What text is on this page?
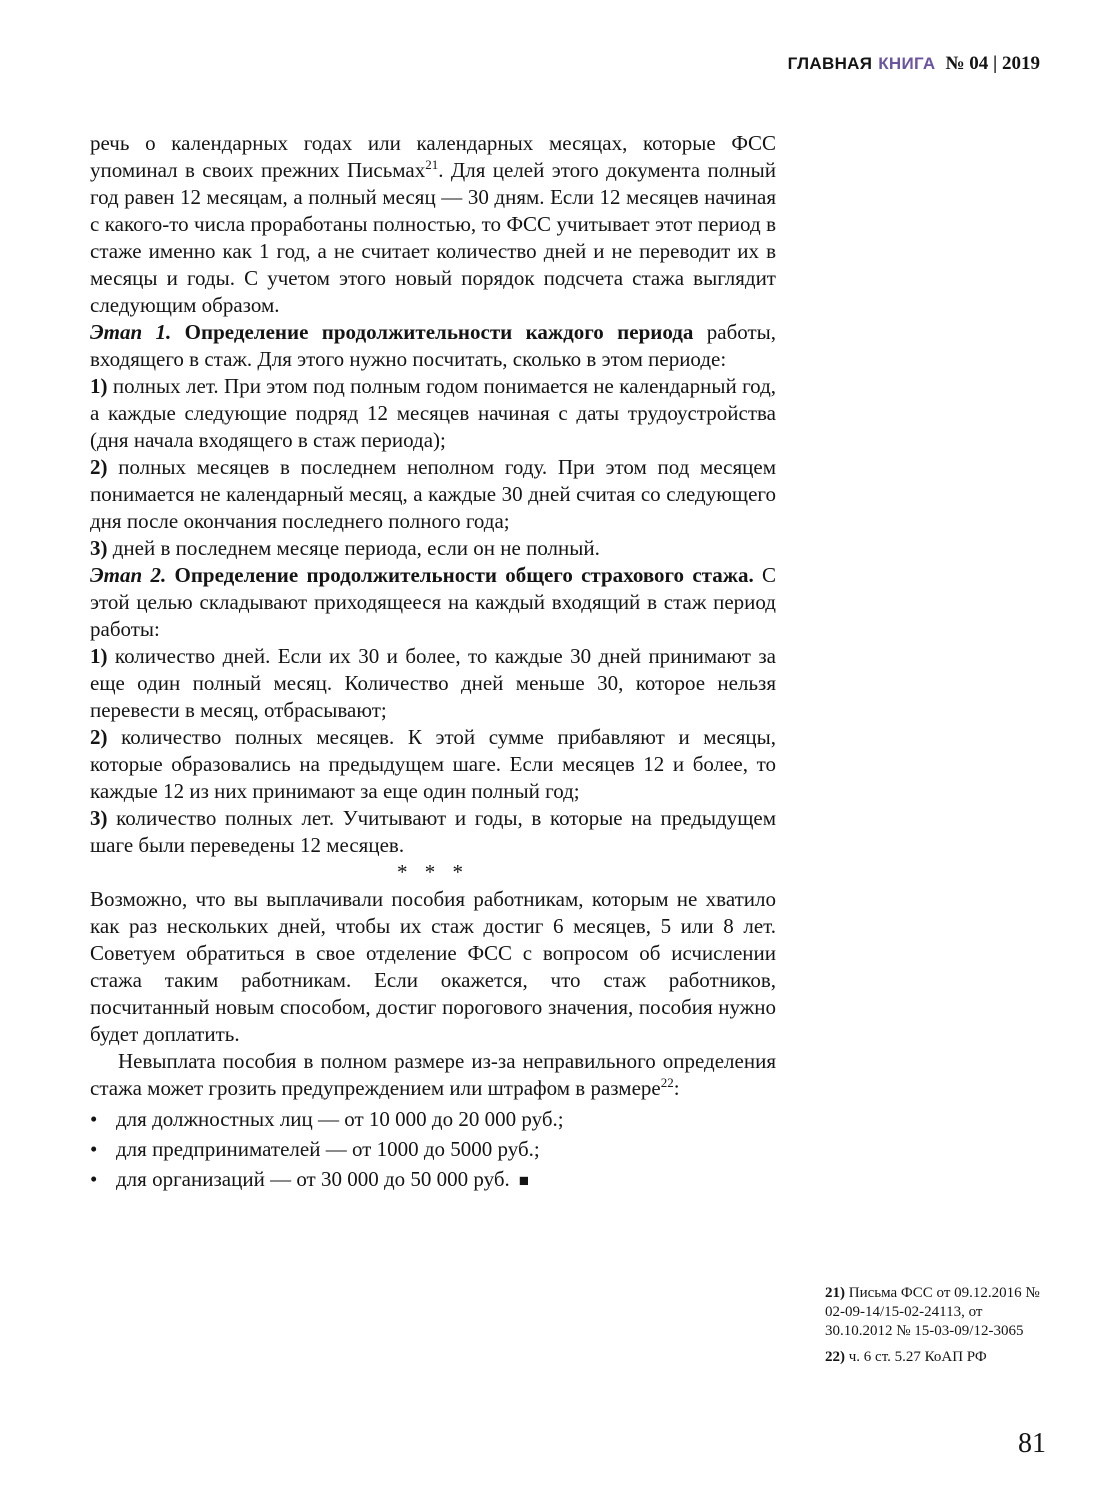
ГЛАВНАЯ КНИГА № 04 | 2019

речь о календарных годах или календарных месяцах, которые ФСС упоминал в своих прежних Письмах$^{21}$. Для целей этого документа полный год равен 12 месяцам, а полный месяц — 30 дням. Если 12 месяцев начиная с какого-то числа проработаны полностью, то ФСС учитывает этот период в стаже именно как 1 год, а не считает количество дней и не переводит их в месяцы и годы. С учетом этого новый порядок подсчета стажа выглядит следующим образом.

Этап 1. Определение продолжительности каждого периода работы, входящего в стаж. Для этого нужно посчитать, сколько в этом периоде:

1) полных лет. При этом под полным годом понимается не календарный год, а каждые следующие подряд 12 месяцев начиная с даты трудоустройства (дня начала входящего в стаж периода);

2) полных месяцев в последнем неполном году. При этом под месяцем понимается не календарный месяц, а каждые 30 дней считая со следующего дня после окончания последнего полного года;

3) дней в последнем месяце периода, если он не полный.

Этап 2. Определение продолжительности общего страхового стажа. С этой целью складывают приходящееся на каждый входящий в стаж период работы:

1) количество дней. Если их 30 и более, то каждые 30 дней принимают за еще один полный месяц. Количество дней меньше 30, которое нельзя перевести в месяц, отбрасывают;

2) количество полных месяцев. К этой сумме прибавляют и месяцы, которые образовались на предыдущем шаге. Если месяцев 12 и более, то каждые 12 из них принимают за еще один полный год;

3) количество полных лет. Учитывают и годы, в которые на предыдущем шаге были переведены 12 месяцев.

* * *

Возможно, что вы выплачивали пособия работникам, которым не хватило как раз нескольких дней, чтобы их стаж достиг 6 месяцев, 5 или 8 лет. Советуем обратиться в свое отделение ФСС с вопросом об исчислении стажа таким работникам. Если окажется, что стаж работников, посчитанный новым способом, достиг порогового значения, пособия нужно будет доплатить.

Невыплата пособия в полном размере из-за неправильного определения стажа может грозить предупреждением или штрафом в размере$^{22}$:

• для должностных лиц — от 10 000 до 20 000 руб.;

• для предпринимателей — от 1000 до 5000 руб.;

• для организаций — от 30 000 до 50 000 руб. ■

21) Письма ФСС от 09.12.2016 № 02-09-14/15-02-24113, от 30.10.2012 № 15-03-09/12-3065

22) ч. 6 ст. 5.27 КоАП РФ

81
